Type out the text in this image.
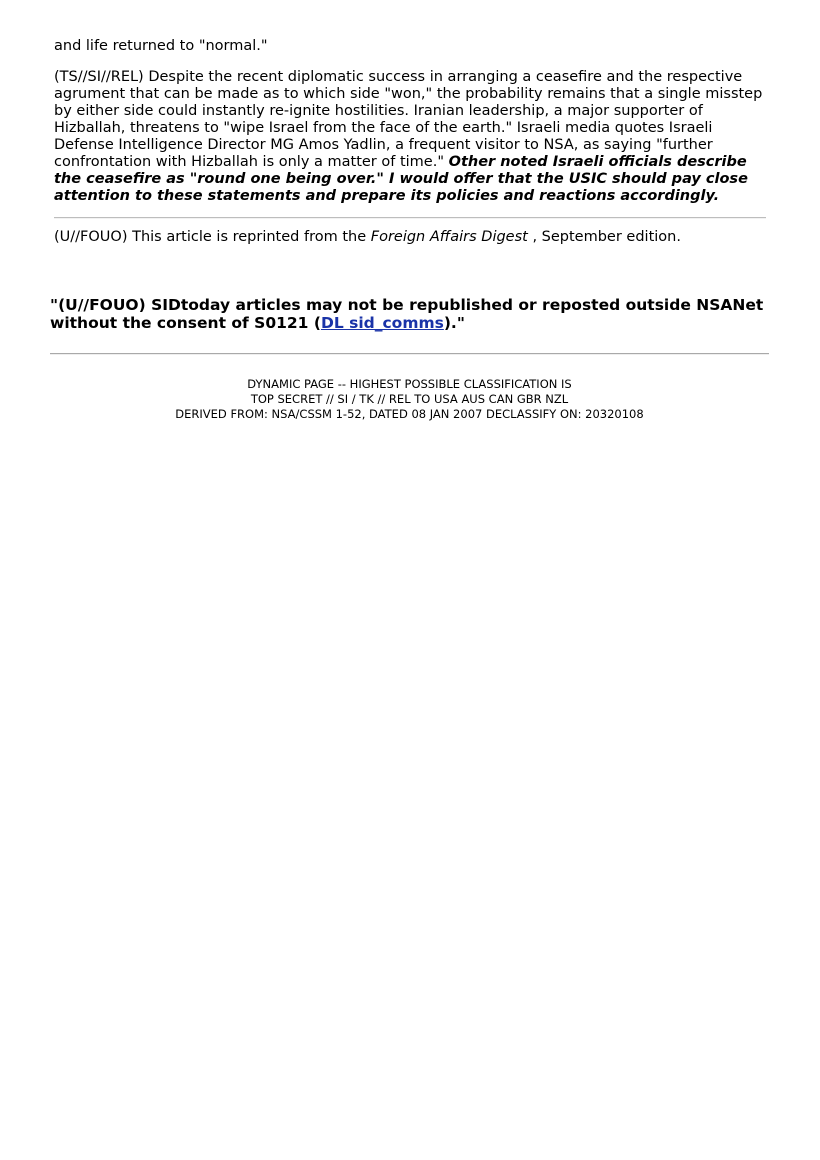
and life returned to "normal."

(TS//SI//REL) Despite the recent diplomatic success in arranging a ceasefire and the respective agrument that can be made as to which side "won," the probability remains that a single misstep by either side could instantly re-ignite hostilities. Iranian leadership, a major supporter of Hizballah, threatens to "wipe Israel from the face of the earth." Israeli media quotes Israeli Defense Intelligence Director MG Amos Yadlin, a frequent visitor to NSA, as saying "further confrontation with Hizballah is only a matter of time." Other noted Israeli officials describe the ceasefire as "round one being over." I would offer that the USIC should pay close attention to these statements and prepare its policies and reactions accordingly.

(U//FOUO) This article is reprinted from the Foreign Affairs Digest , September edition.

"(U//FOUO) SIDtoday articles may not be republished or reposted outside NSANet without the consent of S0121 (DL sid_comms)."

DYNAMIC PAGE -- HIGHEST POSSIBLE CLASSIFICATION IS
TOP SECRET // SI / TK // REL TO USA AUS CAN GBR NZL
DERIVED FROM: NSA/CSSM 1-52, DATED 08 JAN 2007 DECLASSIFY ON: 20320108
